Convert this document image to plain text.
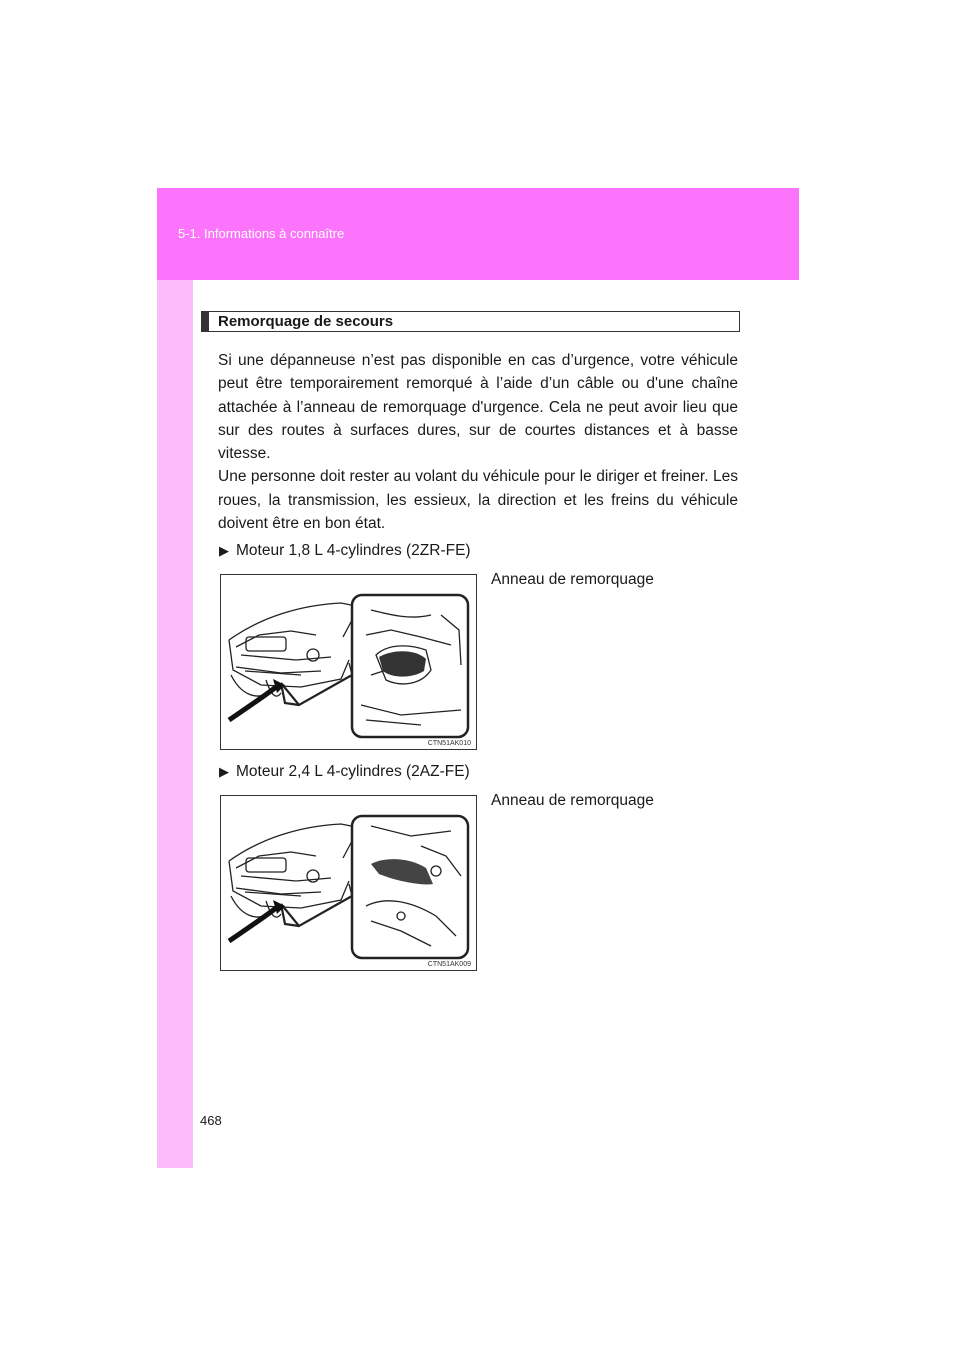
5-1. Informations à connaître
Remorquage de secours

Si une dépanneuse n’est pas disponible en cas d’urgence, votre véhicule peut être temporairement remorqué à l’aide d’un câble ou d'une chaîne attachée à l’anneau de remorquage d'urgence. Cela ne peut avoir lieu que sur des routes à surfaces dures, sur de courtes distances et à basse vitesse.

Une personne doit rester au volant du véhicule pour le diriger et freiner. Les roues, la transmission, les essieux, la direction et les freins du véhicule doivent être en bon état.

▶ Moteur 1,8 L 4-cylindres (2ZR-FE)
Anneau de remorquage
CTN51AK010
▶ Moteur 2,4 L 4-cylindres (2AZ-FE)
Anneau de remorquage
CTN51AK009
468
